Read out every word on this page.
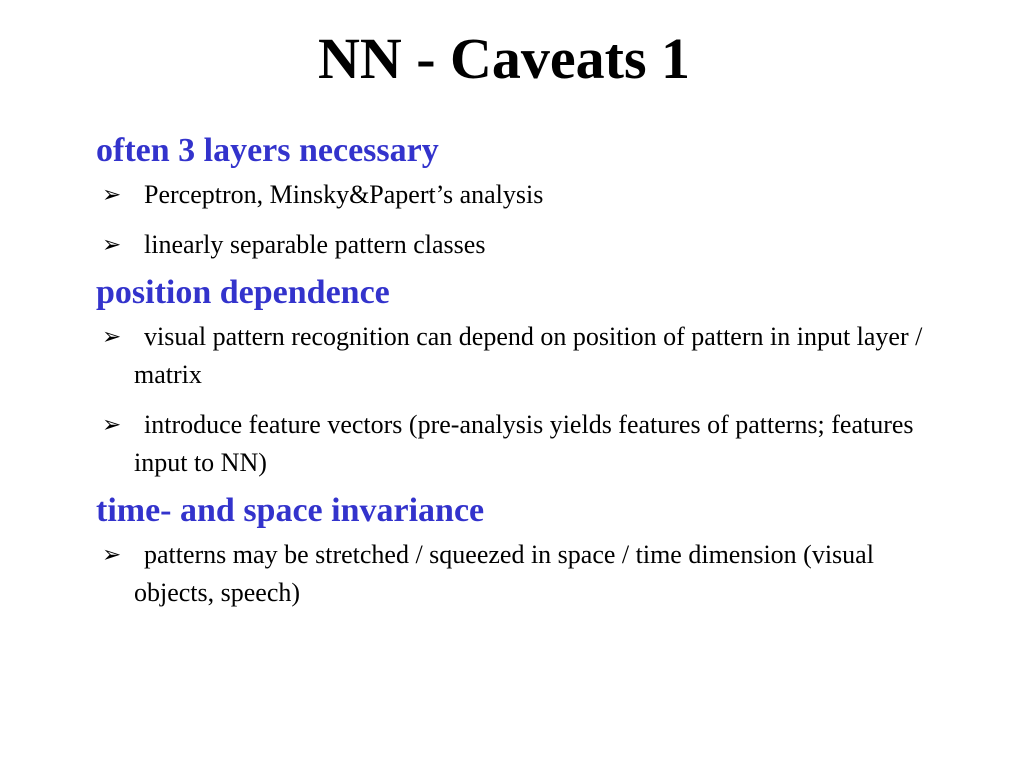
NN - Caveats 1

often 3 layers necessary

➢ Perceptron, Minsky&Papert’s analysis

➢ linearly separable pattern classes

position dependence

➢ visual pattern recognition can depend on position of pattern in input layer / matrix

➢ introduce feature vectors (pre-analysis yields features of patterns; features input to NN)

time- and space invariance

➢ patterns may be stretched / squeezed in space / time dimension (visual objects, speech)
